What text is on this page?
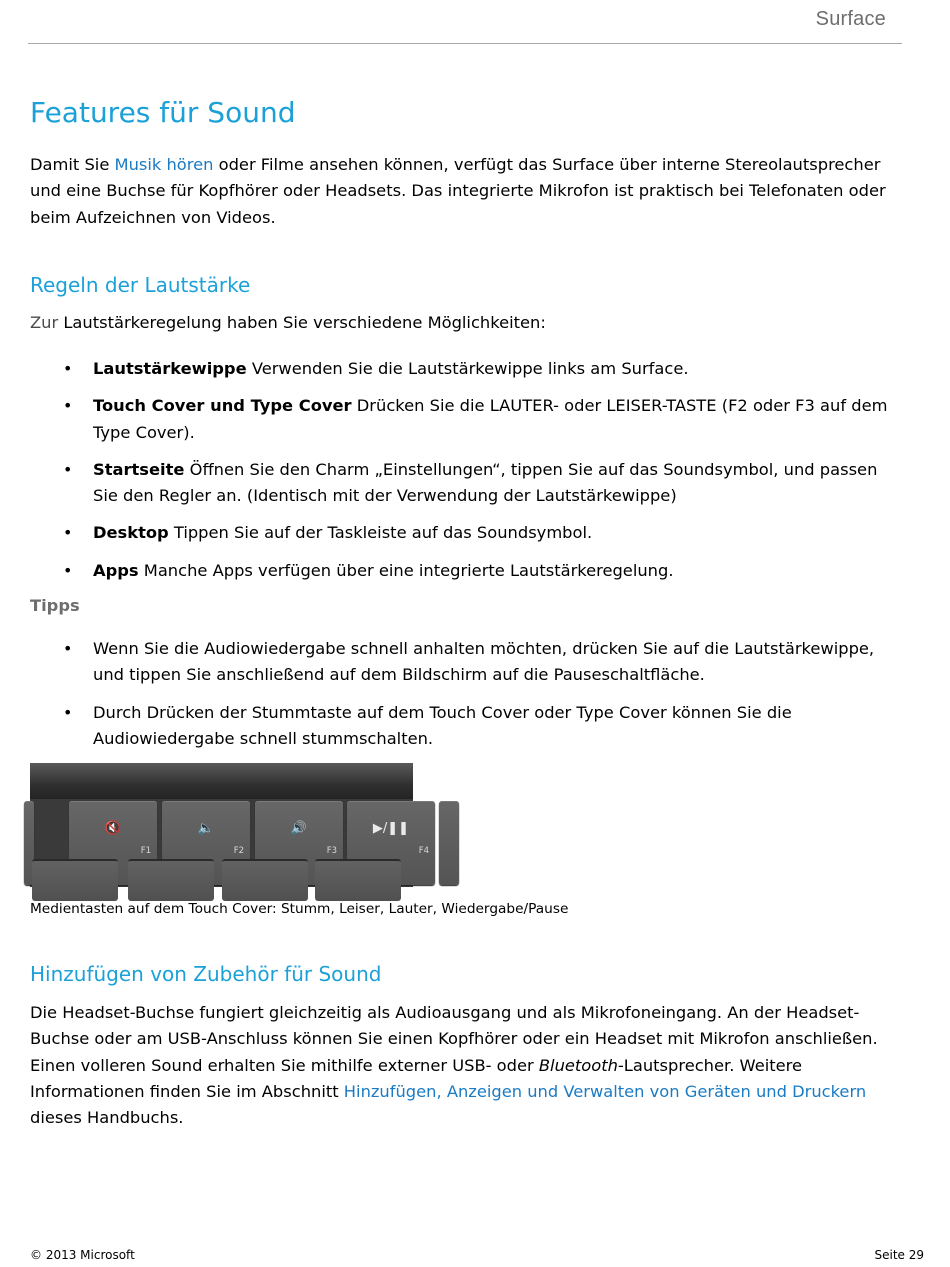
Surface
Features für Sound

Damit Sie Musik hören oder Filme ansehen können, verfügt das Surface über interne Stereolautsprecher und eine Buchse für Kopfhörer oder Headsets. Das integrierte Mikrofon ist praktisch bei Telefonaten oder beim Aufzeichnen von Videos.

Regeln der Lautstärke

Zur Lautstärkeregelung haben Sie verschiedene Möglichkeiten:

• Lautstärkewippe Verwenden Sie die Lautstärkewippe links am Surface.
• Touch Cover und Type Cover Drücken Sie die LAUTER- oder LEISER-TASTE (F2 oder F3 auf dem Type Cover).
• Startseite Öffnen Sie den Charm „Einstellungen“, tippen Sie auf das Soundsymbol, und passen Sie den Regler an. (Identisch mit der Verwendung der Lautstärkewippe)
• Desktop Tippen Sie auf der Taskleiste auf das Soundsymbol.
• Apps Manche Apps verfügen über eine integrierte Lautstärkeregelung.
Tipps
• Wenn Sie die Audiowiedergabe schnell anhalten möchten, drücken Sie auf die Lautstärkewippe, und tippen Sie anschließend auf dem Bildschirm auf die Pauseschaltfläche.
• Durch Drücken der Stummtaste auf dem Touch Cover oder Type Cover können Sie die Audiowiedergabe schnell stummschalten.
🔇
F1
🔈
F2
🔊
F3
▶/❚❚
F4
Medientasten auf dem Touch Cover: Stumm, Leiser, Lauter, Wiedergabe/Pause
Hinzufügen von Zubehör für Sound

Die Headset-Buchse fungiert gleichzeitig als Audioausgang und als Mikrofoneingang. An der Headset-Buchse oder am USB-Anschluss können Sie einen Kopfhörer oder ein Headset mit Mikrofon anschließen. Einen volleren Sound erhalten Sie mithilfe externer USB- oder Bluetooth-Lautsprecher. Weitere Informationen finden Sie im Abschnitt Hinzufügen, Anzeigen und Verwalten von Geräten und Druckern dieses Handbuchs.

© 2013 Microsoft	Seite 29
